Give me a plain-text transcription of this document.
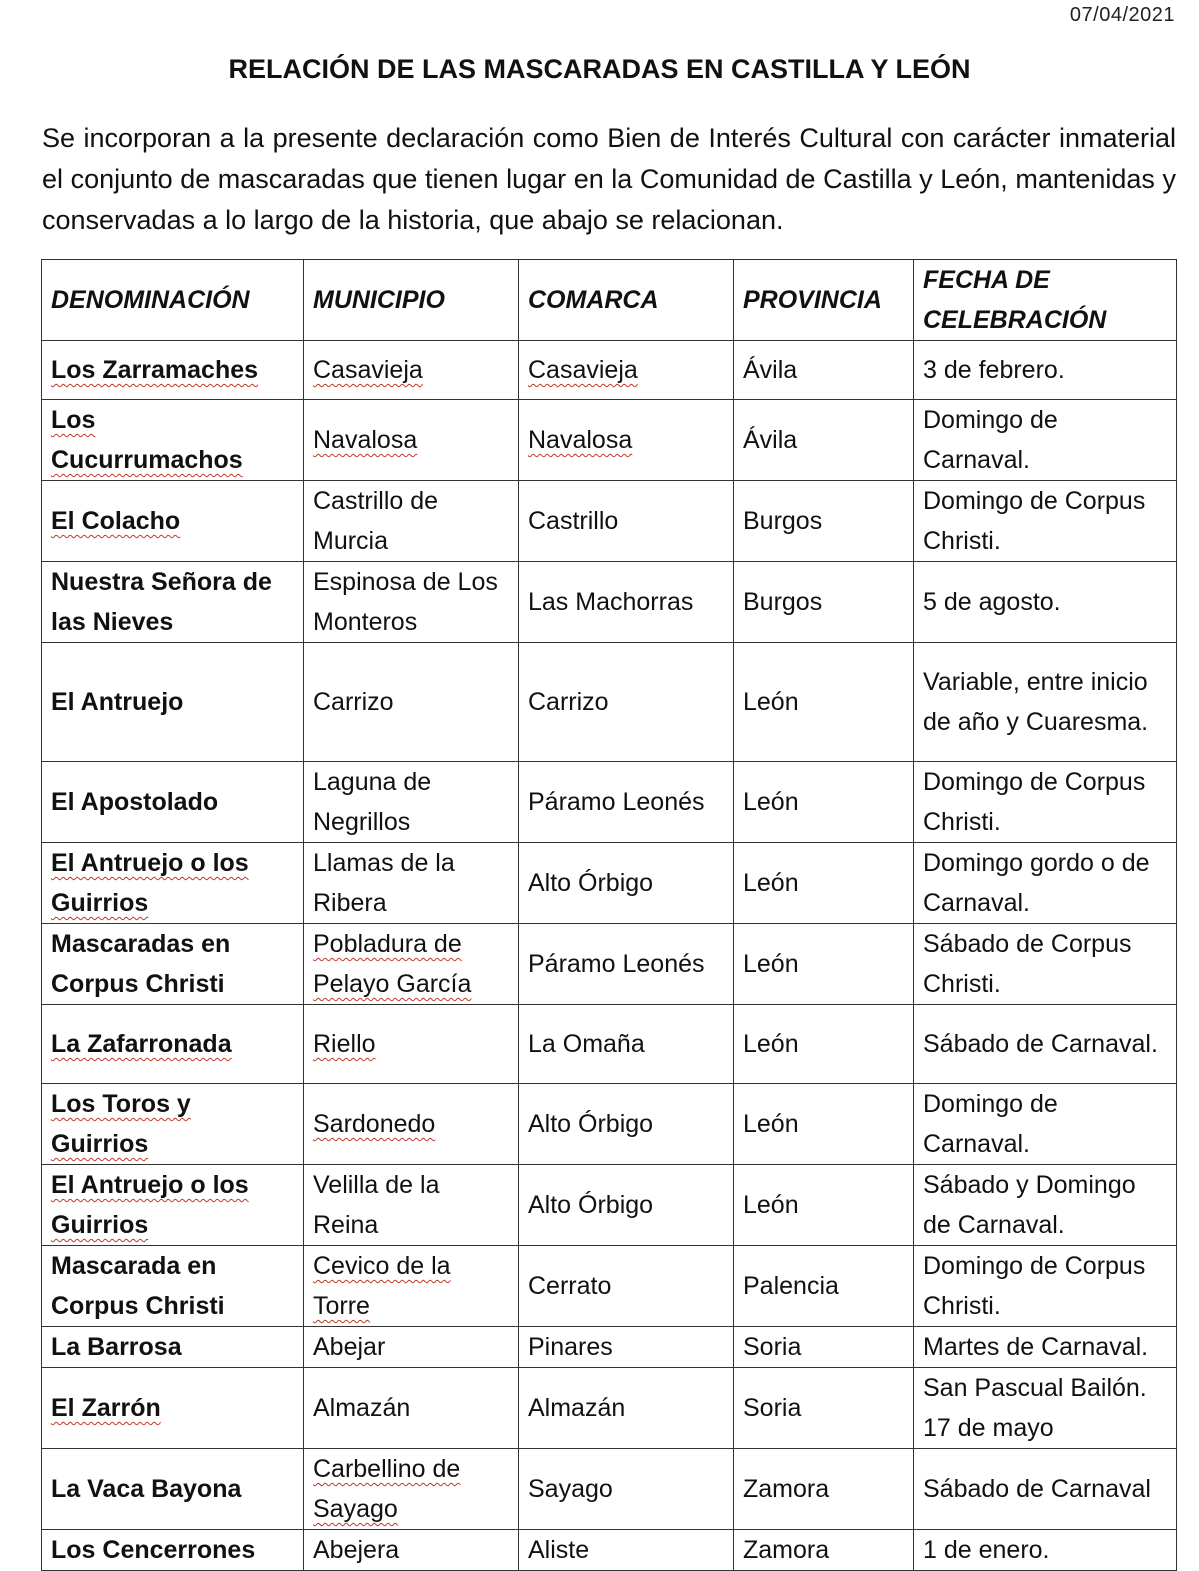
07/04/2021
RELACIÓN DE LAS MASCARADAS EN CASTILLA Y LEÓN
Se incorporan a la presente declaración como Bien de Interés Cultural con carácter inmaterial el conjunto de mascaradas que tienen lugar en la Comunidad de Castilla y León, mantenidas y conservadas a lo largo de la historia, que abajo se relacionan.
DENOMINACIÓN	MUNICIPIO	COMARCA	PROVINCIA	FECHA DE CELEBRACIÓN
Los Zarramaches	Casavieja	Casavieja	Ávila	3 de febrero.
Los Cucurrumachos	Navalosa	Navalosa	Ávila	Domingo de Carnaval.
El Colacho	Castrillo de Murcia	Castrillo	Burgos	Domingo de Corpus Christi.
Nuestra Señora de las Nieves	Espinosa de Los Monteros	Las Machorras	Burgos	5 de agosto.
El Antruejo	Carrizo	Carrizo	León	Variable, entre inicio de año y Cuaresma.
El Apostolado	Laguna de Negrillos	Páramo Leonés	León	Domingo de Corpus Christi.
El Antruejo o los Guirrios	Llamas de la Ribera	Alto Órbigo	León	Domingo gordo o de Carnaval.
Mascaradas en Corpus Christi	Pobladura de Pelayo García	Páramo Leonés	León	Sábado de Corpus Christi.
La Zafarronada	Riello	La Omaña	León	Sábado de Carnaval.
Los Toros y Guirrios	Sardonedo	Alto Órbigo	León	Domingo de Carnaval.
El Antruejo o los Guirrios	Velilla de la Reina	Alto Órbigo	León	Sábado y Domingo de Carnaval.
Mascarada en Corpus Christi	Cevico de la Torre	Cerrato	Palencia	Domingo de Corpus Christi.
La Barrosa	Abejar	Pinares	Soria	Martes de Carnaval.
El Zarrón	Almazán	Almazán	Soria	San Pascual Bailón. 17 de mayo
La Vaca Bayona	Carbellino de Sayago	Sayago	Zamora	Sábado de Carnaval
Los Cencerrones	Abejera	Aliste	Zamora	1 de enero.
